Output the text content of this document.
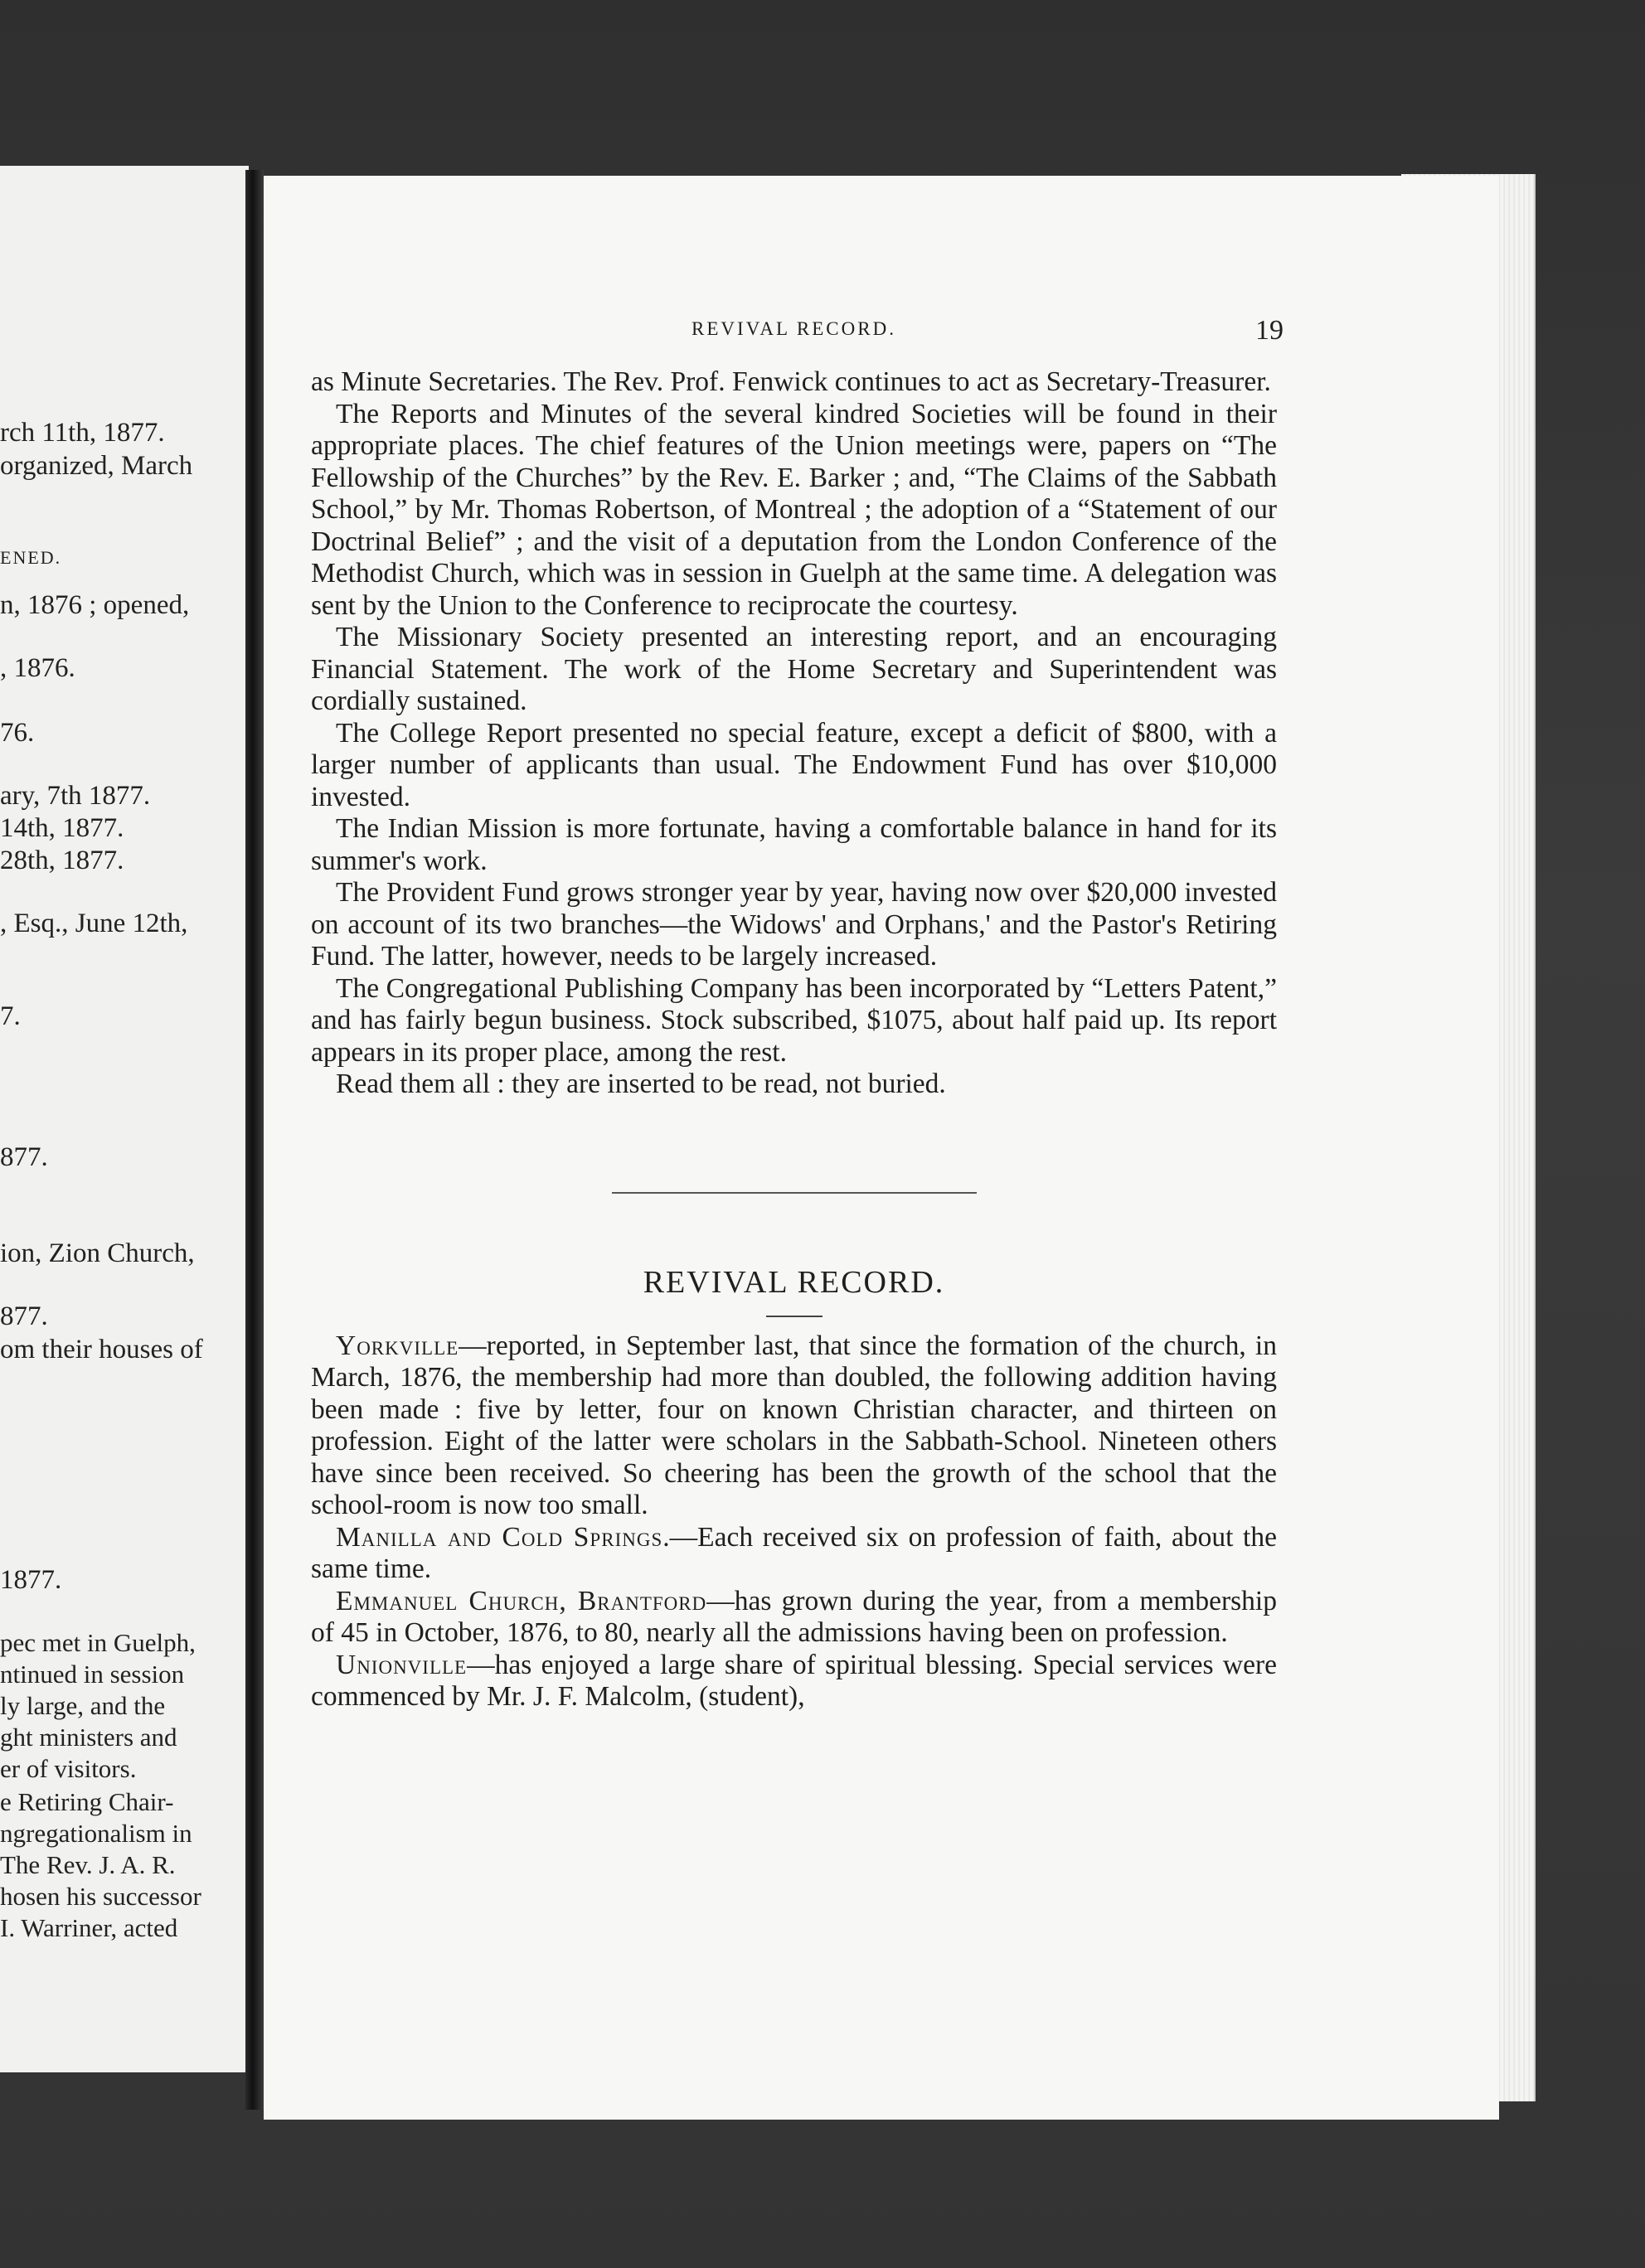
rch 11th, 1877.
organized, March
ENED.
n, 1876 ; opened,
, 1876.
76.
ary, 7th 1877.
14th, 1877.
28th, 1877.
, Esq., June 12th,
7.
877.
ion, Zion Church,
877.
om their houses of
1877.
pec met in Guelph,
ntinued in session
ly large, and the
ght ministers and
er of visitors.
e Retiring Chair-
ngregationalism in
The Rev. J. A. R.
hosen his successor
I. Warriner, acted
REVIVAL RECORD.	19

as Minute Secretaries. The Rev. Prof. Fenwick continues to act as Secretary-Treasurer.

The Reports and Minutes of the several kindred Societies will be found in their appropriate places. The chief features of the Union meetings were, papers on “The Fellowship of the Churches” by the Rev. E. Barker ; and, “The Claims of the Sabbath School,” by Mr. Thomas Robertson, of Montreal ; the adoption of a “Statement of our Doctrinal Belief” ; and the visit of a deputation from the London Conference of the Methodist Church, which was in session in Guelph at the same time. A delegation was sent by the Union to the Conference to reciprocate the courtesy.

The Missionary Society presented an interesting report, and an encouraging Financial Statement. The work of the Home Secretary and Superintendent was cordially sustained.

The College Report presented no special feature, except a deficit of $800, with a larger number of applicants than usual. The Endowment Fund has over $10,000 invested.

The Indian Mission is more fortunate, having a comfortable balance in hand for its summer's work.

The Provident Fund grows stronger year by year, having now over $20,000 invested on account of its two branches—the Widows' and Orphans,' and the Pastor's Retiring Fund. The latter, however, needs to be largely increased.

The Congregational Publishing Company has been incorporated by “Letters Patent,” and has fairly begun business. Stock subscribed, $1075, about half paid up. Its report appears in its proper place, among the rest.

Read them all : they are inserted to be read, not buried.

REVIVAL RECORD.

Yorkville—reported, in September last, that since the formation of the church, in March, 1876, the membership had more than doubled, the following addition having been made : five by letter, four on known Christian character, and thirteen on profession. Eight of the latter were scholars in the Sabbath-School. Nineteen others have since been received. So cheering has been the growth of the school that the school-room is now too small.

Manilla and Cold Springs.—Each received six on profession of faith, about the same time.

Emmanuel Church, Brantford—has grown during the year, from a membership of 45 in October, 1876, to 80, nearly all the admissions having been on profession.

Unionville—has enjoyed a large share of spiritual blessing. Special services were commenced by Mr. J. F. Malcolm, (student),
